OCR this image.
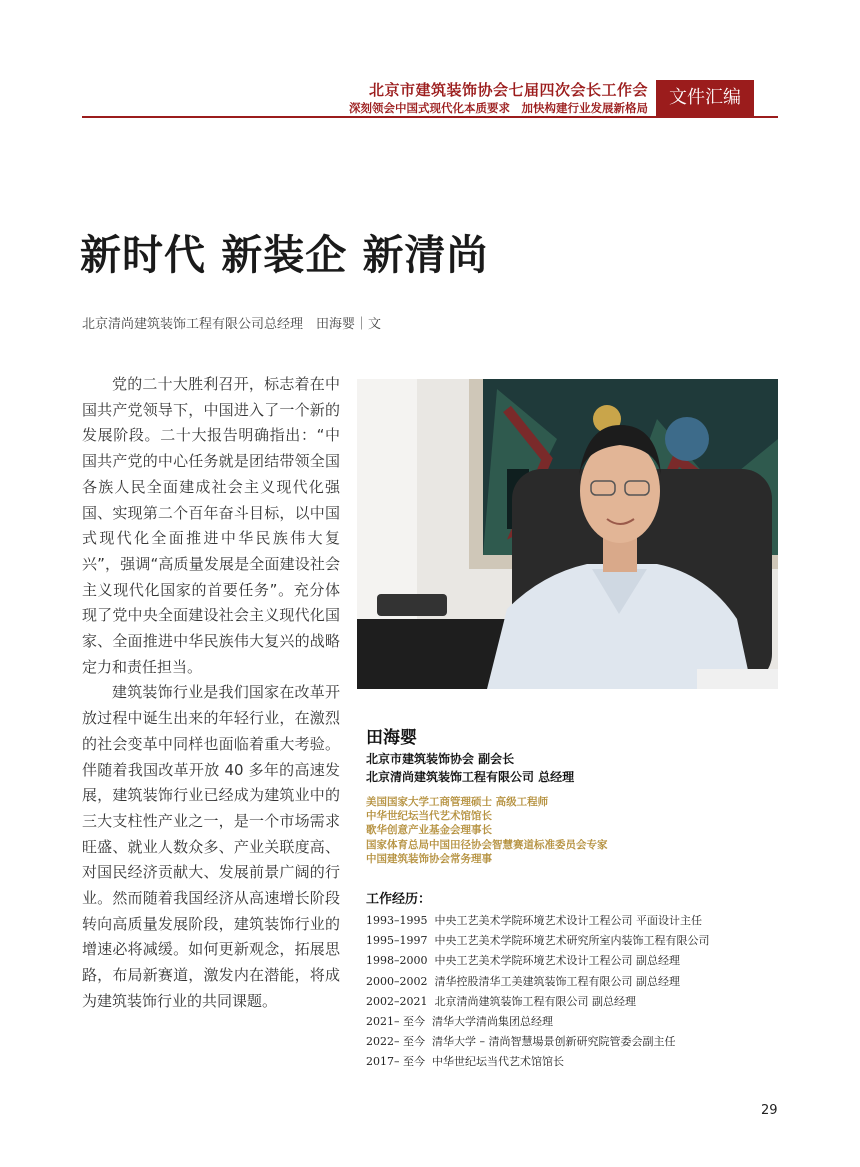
北京市建筑装饰协会七届四次会长工作会
深刻领会中国式现代化本质要求　加快构建行业发展新格局	文件汇编
新时代 新装企 新清尚
北京清尚建筑装饰工程有限公司总经理　田海婴｜文

党的二十大胜利召开，标志着在中国共产党领导下，中国进入了一个新的发展阶段。二十大报告明确指出：“中国共产党的中心任务就是团结带领全国各族人民全面建成社会主义现代化强国、实现第二个百年奋斗目标，以中国式现代化全面推进中华民族伟大复兴”，强调“高质量发展是全面建设社会主义现代化国家的首要任务”。充分体现了党中央全面建设社会主义现代化国家、全面推进中华民族伟大复兴的战略定力和责任担当。

建筑装饰行业是我们国家在改革开放过程中诞生出来的年轻行业，在激烈的社会变革中同样也面临着重大考验。伴随着我国改革开放 40 多年的高速发展，建筑装饰行业已经成为建筑业中的三大支柱性产业之一，是一个市场需求旺盛、就业人数众多、产业关联度高、对国民经济贡献大、发展前景广阔的行业。然而随着我国经济从高速增长阶段转向高质量发展阶段，建筑装饰行业的增速必将减缓。如何更新观念，拓展思路，布局新赛道，激发内在潜能，将成为建筑装饰行业的共同课题。

田海婴
北京市建筑装饰协会 副会长
北京清尚建筑装饰工程有限公司 总经理
美国国家大学工商管理硕士 高级工程师
中华世纪坛当代艺术馆馆长
歌华创意产业基金会理事长
国家体育总局中国田径协会智慧赛道标准委员会专家
中国建筑装饰协会常务理事
工作经历：
1993–1995 中央工艺美术学院环境艺术设计工程公司 平面设计主任
1995–1997 中央工艺美术学院环境艺术研究所室内装饰工程有限公司
1998–2000 中央工艺美术学院环境艺术设计工程公司 副总经理
2000–2002 清华控股清华工美建筑装饰工程有限公司 副总经理
2002–2021 北京清尚建筑装饰工程有限公司 副总经理
2021– 至今 清华大学清尚集团总经理
2022– 至今 清华大学 – 清尚智慧場景创新研究院管委会副主任
2017– 至今 中华世纪坛当代艺术馆馆长
29
